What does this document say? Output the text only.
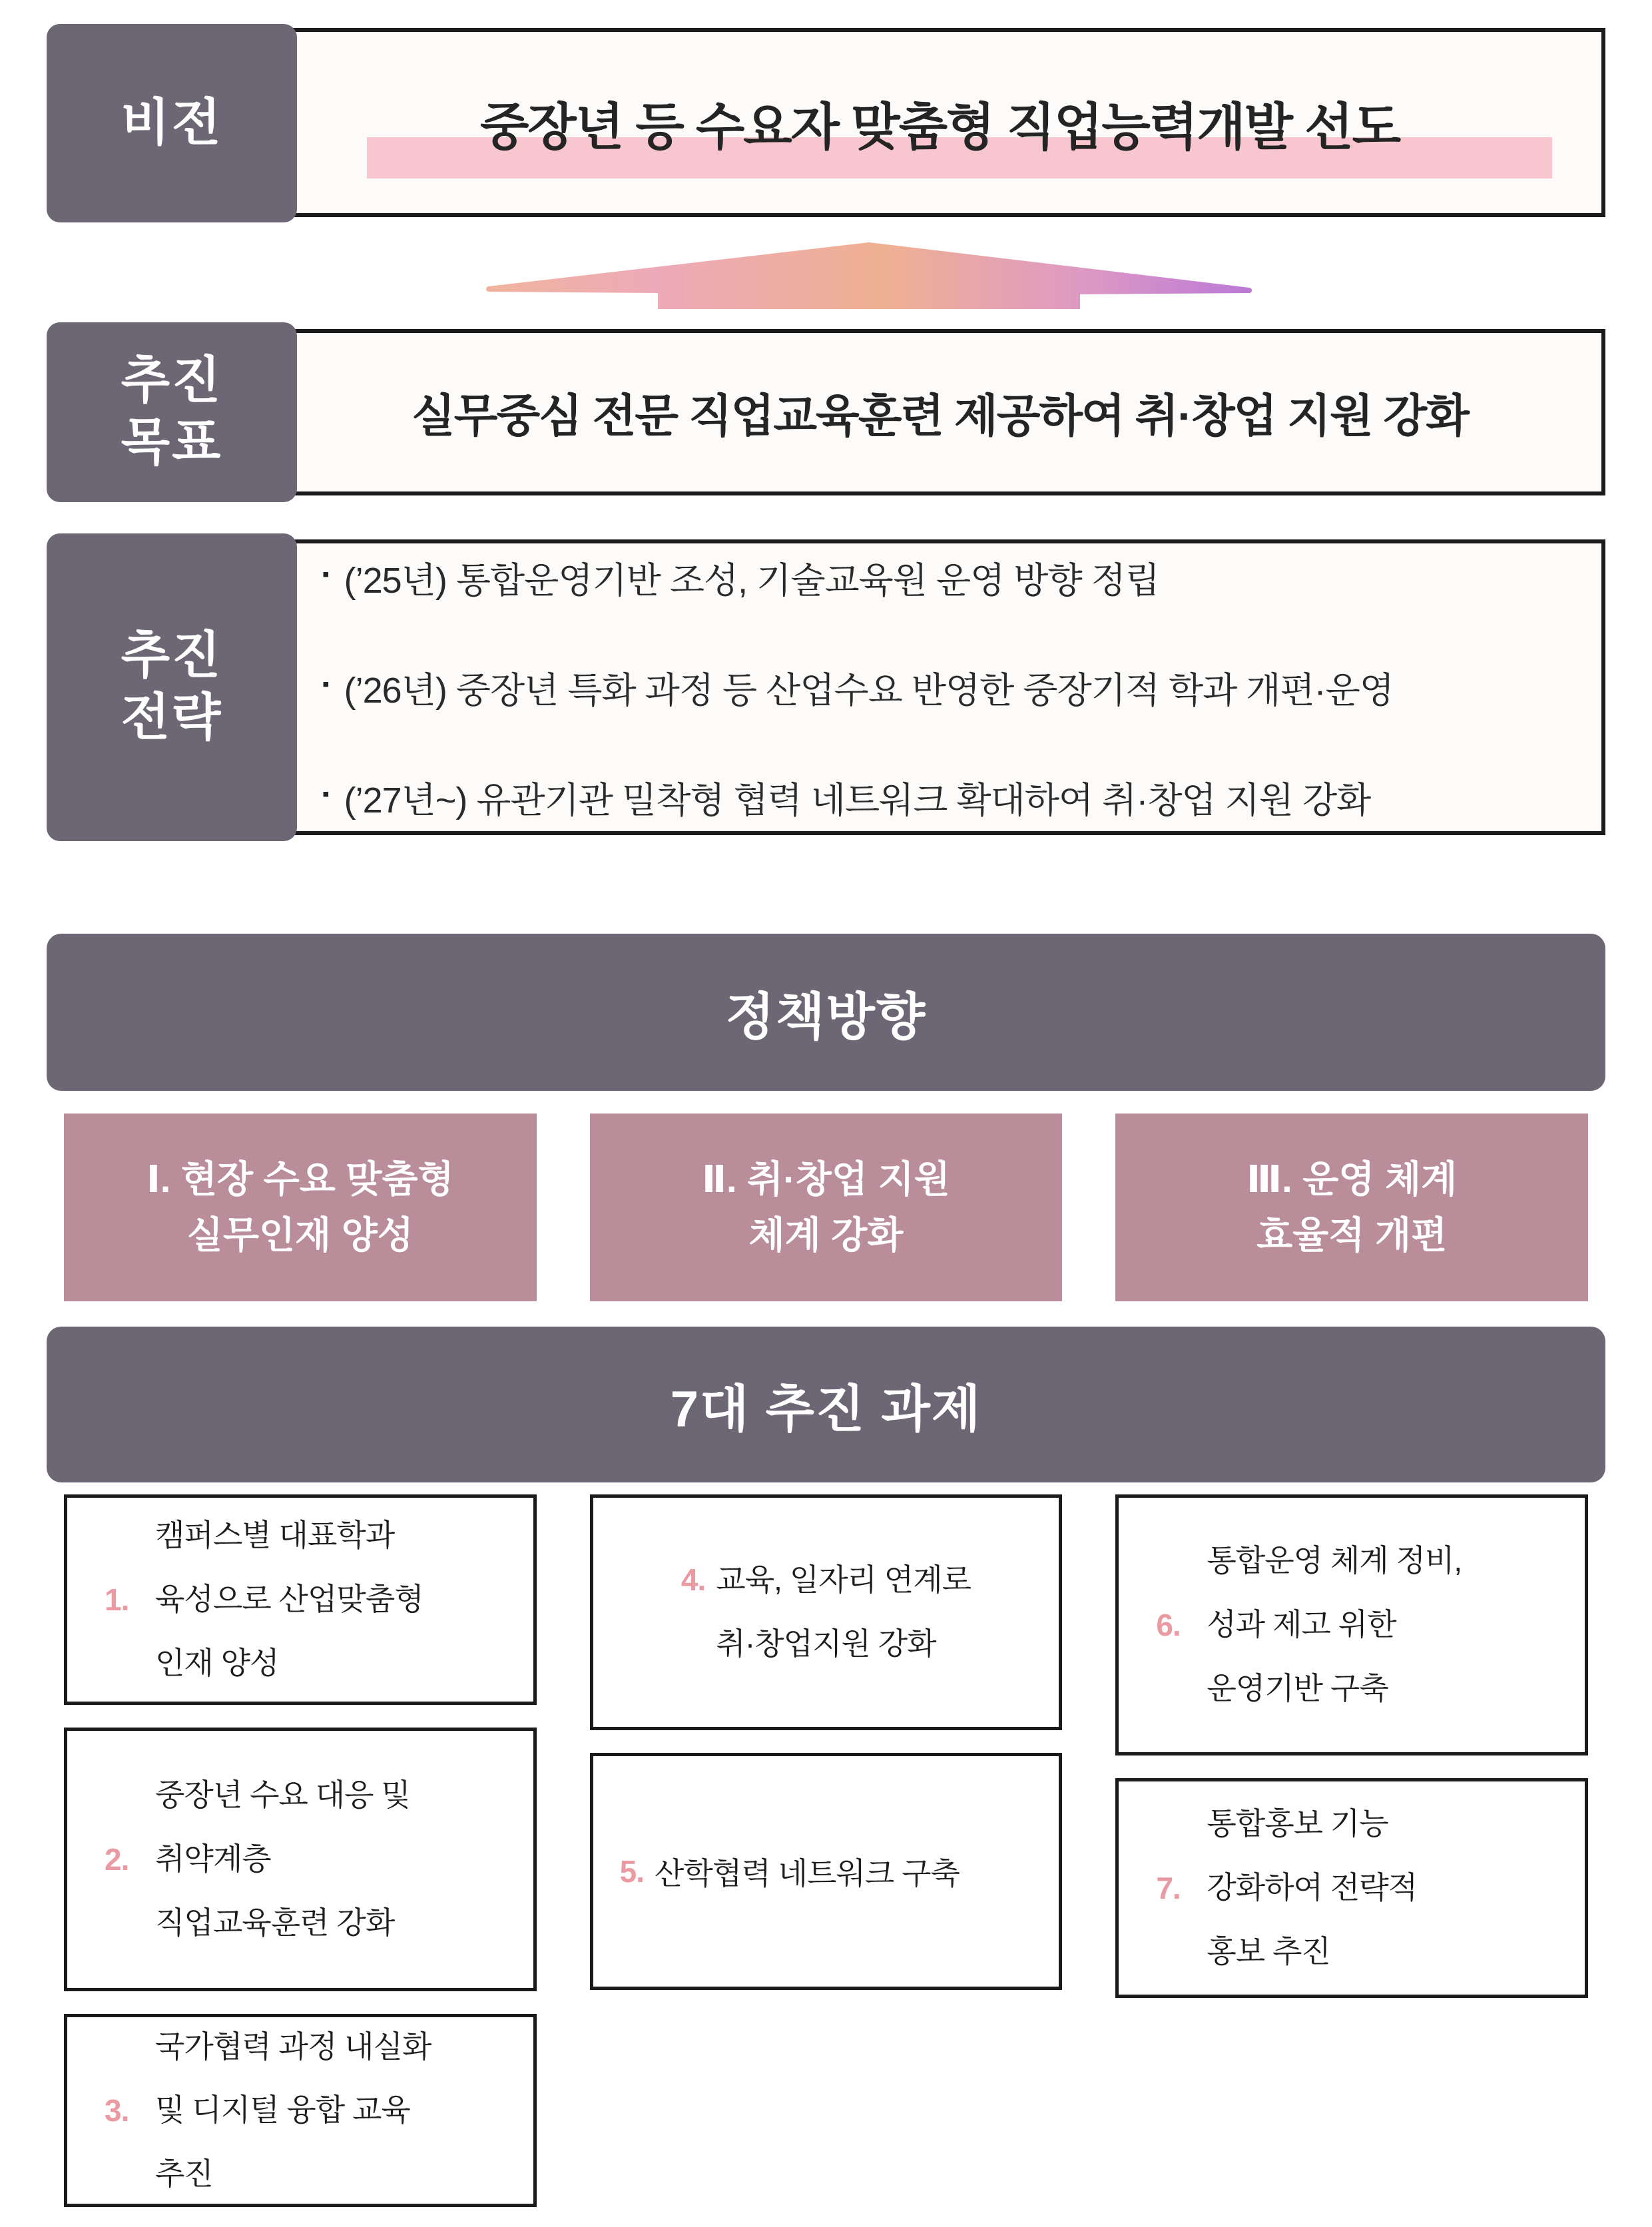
비전	중장년 등 수요자 맞춤형 직업능력개발 선도
추진
목표	실무중심 전문 직업교육훈련 제공하여 취·창업 지원 강화
추진
전략
▪ (’25년) 통합운영기반 조성, 기술교육원 운영 방향 정립
▪ (’26년) 중장년 특화 과정 등 산업수요 반영한 중장기적 학과 개편·운영
▪ (’27년~) 유관기관 밀착형 협력 네트워크 확대하여 취·창업 지원 강화
정책방향
Ⅰ. 현장 수요 맞춤형
실무인재 양성
Ⅱ. 취·창업 지원
체계 강화
Ⅲ. 운영 체계
효율적 개편
7대 추진 과제
1.
캠퍼스별 대표학과
육성으로 산업맞춤형
인재 양성
2.
중장년 수요 대응 및
취약계층
직업교육훈련 강화
3.
국가협력 과정 내실화
및 디지털 융합 교육
추진
4. 교육, 일자리 연계로
취·창업지원 강화
5. 산학협력 네트워크 구축
6.
통합운영 체계 정비,
성과 제고 위한
운영기반 구축
7.
통합홍보 기능
강화하여 전략적
홍보 추진
